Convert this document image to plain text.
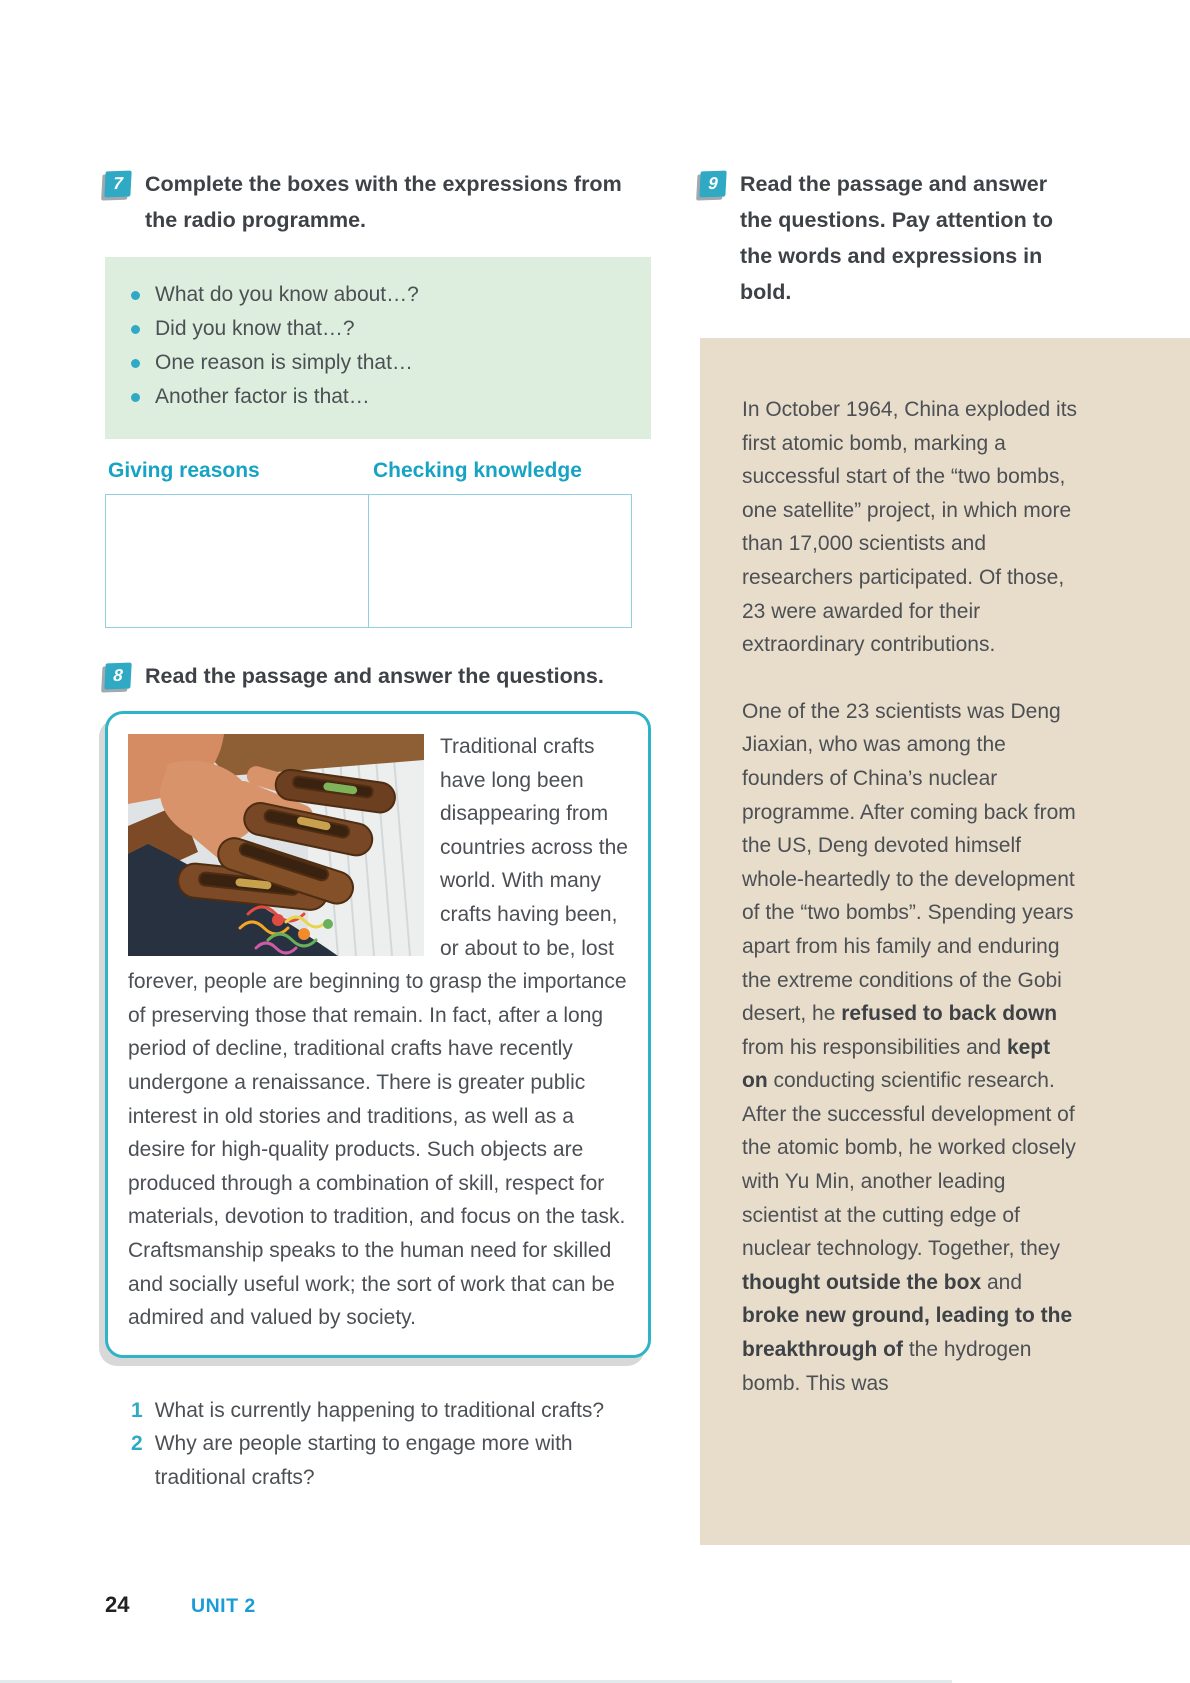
7	Complete the boxes with the expressions from the radio programme.
What do you know about…?
Did you know that…?
One reason is simply that…
Another factor is that…
Giving reasons	Checking knowledge
8	Read the passage and answer the questions.

Traditional crafts have long been disappearing from countries across the world. With many crafts having been, or about to be, lost forever, people are beginning to grasp the importance of preserving those that remain. In fact, after a long period of decline, traditional crafts have recently undergone a renaissance. There is greater public interest in old stories and traditions, as well as a desire for high-quality products. Such objects are produced through a combination of skill, respect for materials, devotion to tradition, and focus on the task. Craftsmanship speaks to the human need for skilled and socially useful work; the sort of work that can be admired and valued by society.

1 What is currently happening to traditional crafts?
2 Why are people starting to engage more with traditional crafts?
9	Read the passage and answer the questions. Pay attention to the words and expressions in bold.

In October 1964, China exploded its first atomic bomb, marking a successful start of the “two bombs, one satellite” project, in which more than 17,000 scientists and researchers participated. Of those, 23 were awarded for their extraordinary contributions.

One of the 23 scientists was Deng Jiaxian, who was among the founders of China’s nuclear programme. After coming back from the US, Deng devoted himself whole-heartedly to the development of the “two bombs”. Spending years apart from his family and enduring the extreme conditions of the Gobi desert, he refused to back down from his responsibilities and kept on conducting scientific research. After the successful development of the atomic bomb, he worked closely with Yu Min, another leading scientist at the cutting edge of nuclear technology. Together, they thought outside the box and broke new ground, leading to the breakthrough of the hydrogen bomb. This was

24	UNIT 2
